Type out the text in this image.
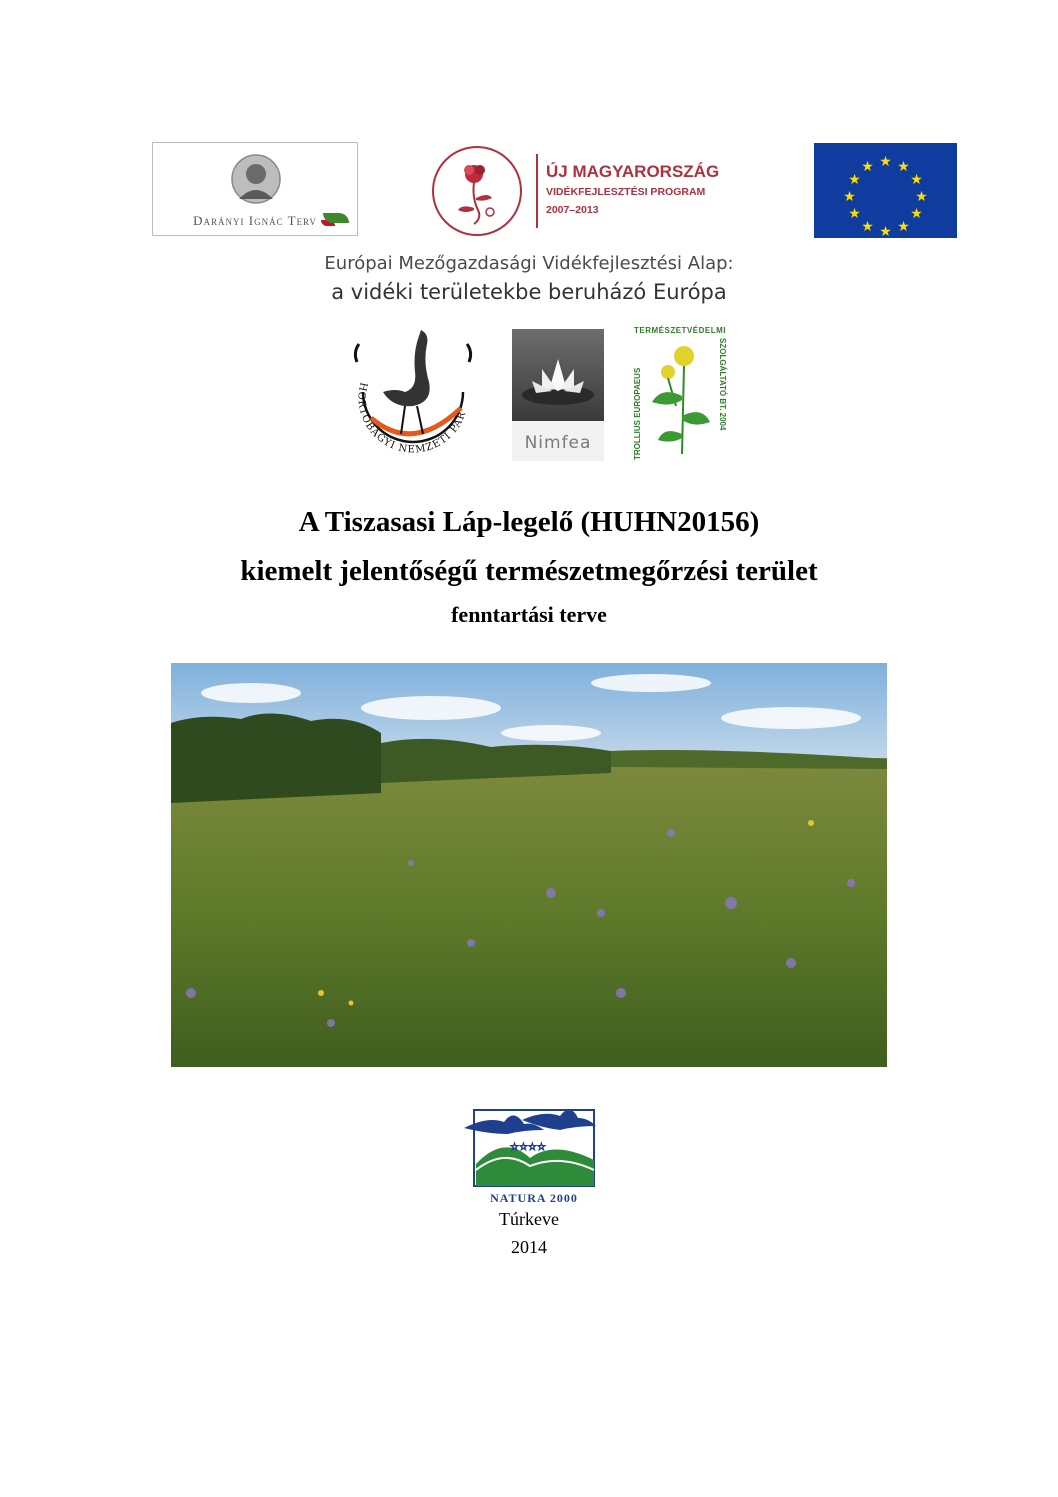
Darányi Ignác Terv
ÚJ MAGYARORSZÁG
VIDÉKFEJLESZTÉSI PROGRAM
2007–2013
★ ★
★
★
★
★
★
★
★
★
★
★
Európai Mezőgazdasági Vidékfejlesztési Alap:
a vidéki területekbe beruházó Európa
HORTOBÁGYI NEMZETI PAR
Nimfea
TERMÉSZETVÉDELMI
TROLLIUS EUROPAEUS	SZOLGÁLTATÓ BT. 2004
A Tiszasasi Láp-legelő (HUHN20156)
kiemelt jelentőségű természetmegőrzési terület
fenntartási terve
☆☆☆☆
NATURA 2000
Túrkeve
2014
